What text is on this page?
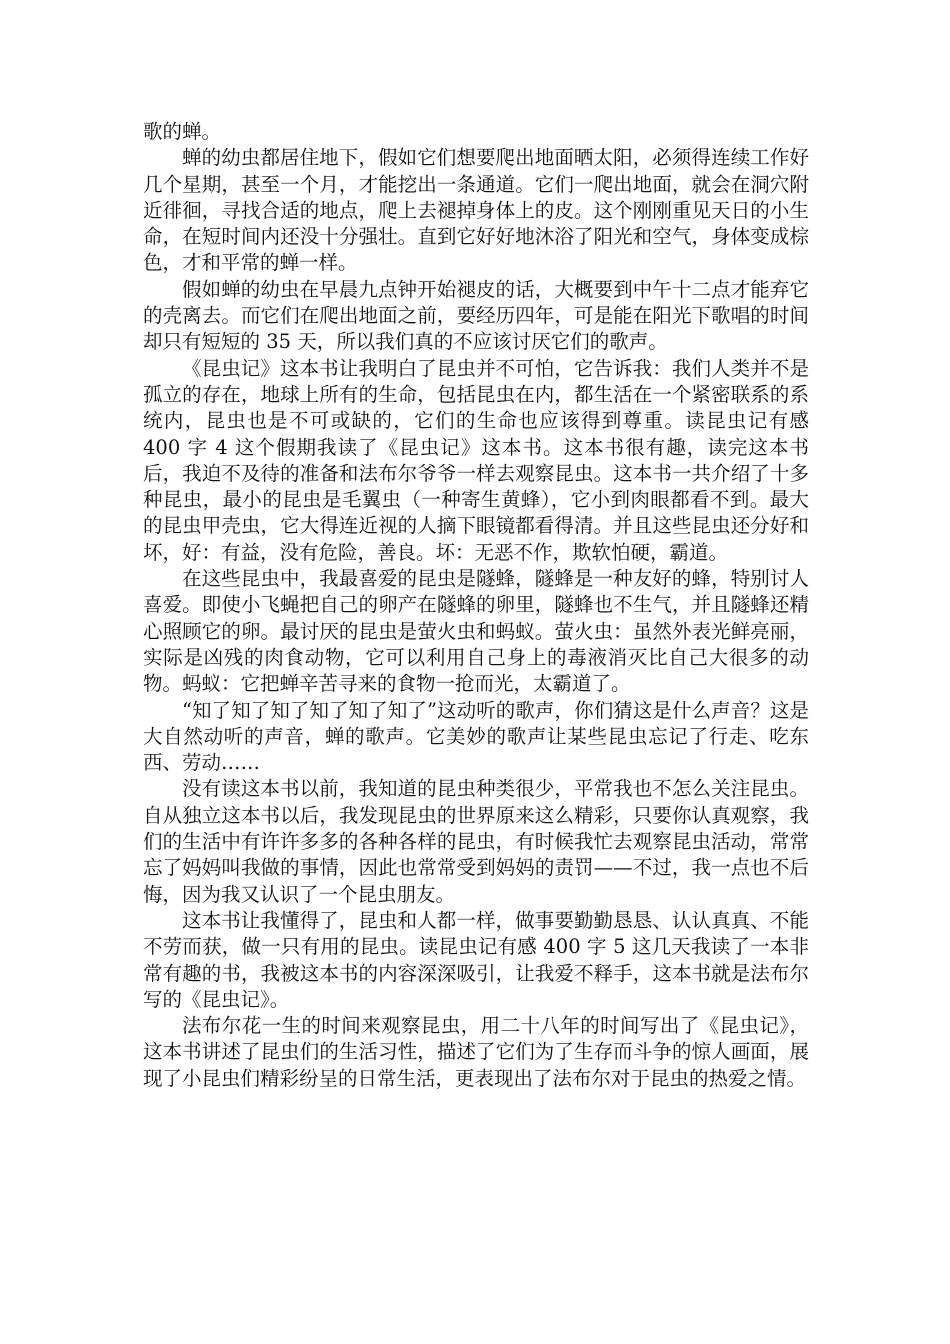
歌的蝉。

蝉的幼虫都居住地下，假如它们想要爬出地面晒太阳，必须得连续工作好几个星期，甚至一个月，才能挖出一条通道。它们一爬出地面，就会在洞穴附近徘徊，寻找合适的地点，爬上去褪掉身体上的皮。这个刚刚重见天日的小生命，在短时间内还没十分强壮。直到它好好地沐浴了阳光和空气，身体变成棕色，才和平常的蝉一样。

假如蝉的幼虫在早晨九点钟开始褪皮的话，大概要到中午十二点才能弃它的壳离去。而它们在爬出地面之前，要经历四年，可是能在阳光下歌唱的时间却只有短短的 35 天，所以我们真的不应该讨厌它们的歌声。

《昆虫记》这本书让我明白了昆虫并不可怕，它告诉我：我们人类并不是孤立的存在，地球上所有的生命，包括昆虫在内，都生活在一个紧密联系的系统内，昆虫也是不可或缺的，它们的生命也应该得到尊重。读昆虫记有感 400 字 4 这个假期我读了《昆虫记》这本书。这本书很有趣，读完这本书后，我迫不及待的准备和法布尔爷爷一样去观察昆虫。这本书一共介绍了十多种昆虫，最小的昆虫是毛翼虫（一种寄生黄蜂），它小到肉眼都看不到。最大的昆虫甲壳虫，它大得连近视的人摘下眼镜都看得清。并且这些昆虫还分好和坏，好：有益，没有危险，善良。坏：无恶不作，欺软怕硬，霸道。

在这些昆虫中，我最喜爱的昆虫是隧蜂，隧蜂是一种友好的蜂，特别讨人喜爱。即使小飞蝇把自己的卵产在隧蜂的卵里，隧蜂也不生气，并且隧蜂还精心照顾它的卵。最讨厌的昆虫是萤火虫和蚂蚁。萤火虫：虽然外表光鲜亮丽，实际是凶残的肉食动物，它可以利用自己身上的毒液消灭比自己大很多的动物。蚂蚁：它把蝉辛苦寻来的食物一抢而光，太霸道了。

“知了知了知了知了知了知了”这动听的歌声，你们猜这是什么声音？这是大自然动听的声音，蝉的歌声。它美妙的歌声让某些昆虫忘记了行走、吃东西、劳动……

没有读这本书以前，我知道的昆虫种类很少，平常我也不怎么关注昆虫。自从独立这本书以后，我发现昆虫的世界原来这么精彩，只要你认真观察，我们的生活中有许许多多的各种各样的昆虫，有时候我忙去观察昆虫活动，常常忘了妈妈叫我做的事情，因此也常常受到妈妈的责罚——不过，我一点也不后悔，因为我又认识了一个昆虫朋友。

这本书让我懂得了，昆虫和人都一样，做事要勤勤恳恳、认认真真、不能不劳而获，做一只有用的昆虫。读昆虫记有感 400 字 5 这几天我读了一本非常有趣的书，我被这本书的内容深深吸引，让我爱不释手，这本书就是法布尔写的《昆虫记》。

法布尔花一生的时间来观察昆虫，用二十八年的时间写出了《昆虫记》，这本书讲述了昆虫们的生活习性，描述了它们为了生存而斗争的惊人画面，展现了小昆虫们精彩纷呈的日常生活，更表现出了法布尔对于昆虫的热爱之情。
